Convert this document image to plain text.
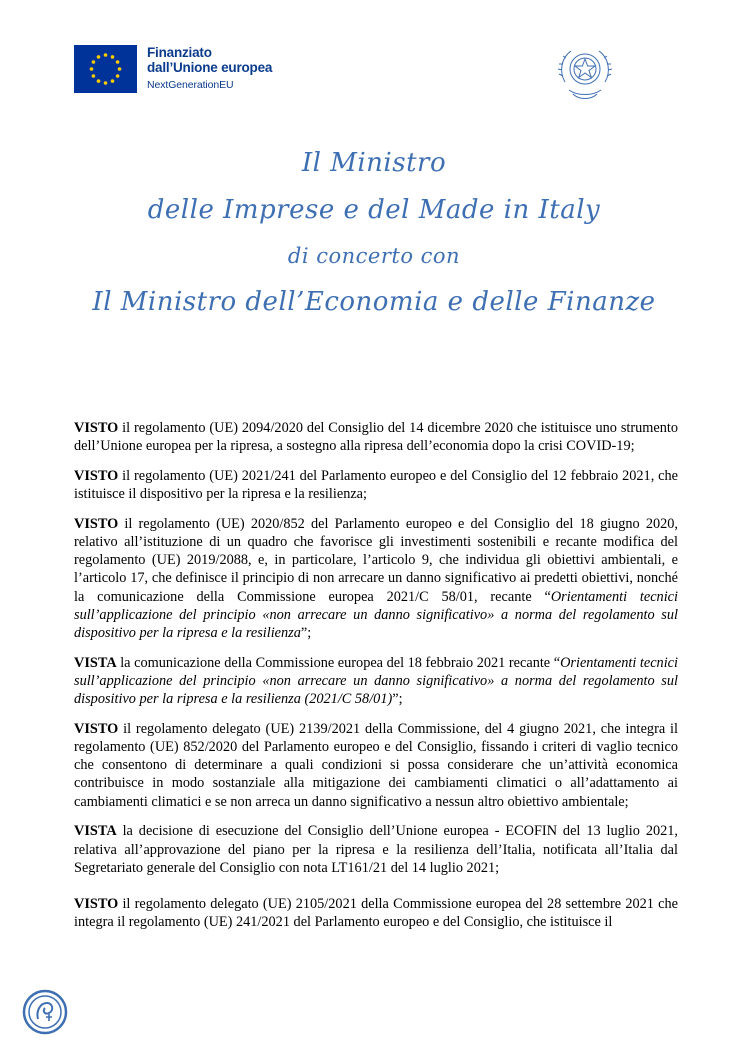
Finanziato
dall’Unione europea
NextGenerationEU
Il Ministro
delle Imprese e del Made in Italy
di concerto con
Il Ministro dell’Economia e delle Finanze

VISTO il regolamento (UE) 2094/2020 del Consiglio del 14 dicembre 2020 che istituisce uno strumento dell’Unione europea per la ripresa, a sostegno alla ripresa dell’economia dopo la crisi COVID-19;

VISTO il regolamento (UE) 2021/241 del Parlamento europeo e del Consiglio del 12 febbraio 2021, che istituisce il dispositivo per la ripresa e la resilienza;

VISTO il regolamento (UE) 2020/852 del Parlamento europeo e del Consiglio del 18 giugno 2020, relativo all’istituzione di un quadro che favorisce gli investimenti sostenibili e recante modifica del regolamento (UE) 2019/2088, e, in particolare, l’articolo 9, che individua gli obiettivi ambientali, e l’articolo 17, che definisce il principio di non arrecare un danno significativo ai predetti obiettivi, nonché la comunicazione della Commissione europea 2021/C 58/01, recante “Orientamenti tecnici sull’applicazione del principio «non arrecare un danno significativo» a norma del regolamento sul dispositivo per la ripresa e la resilienza”;

VISTA la comunicazione della Commissione europea del 18 febbraio 2021 recante “Orientamenti tecnici sull’applicazione del principio «non arrecare un danno significativo» a norma del regolamento sul dispositivo per la ripresa e la resilienza (2021/C 58/01)”;

VISTO il regolamento delegato (UE) 2139/2021 della Commissione, del 4 giugno 2021, che integra il regolamento (UE) 852/2020 del Parlamento europeo e del Consiglio, fissando i criteri di vaglio tecnico che consentono di determinare a quali condizioni si possa considerare che un’attività economica contribuisce in modo sostanziale alla mitigazione dei cambiamenti climatici o all’adattamento ai cambiamenti climatici e se non arreca un danno significativo a nessun altro obiettivo ambientale;

VISTA la decisione di esecuzione del Consiglio dell’Unione europea - ECOFIN del 13 luglio 2021, relativa all’approvazione del piano per la ripresa e la resilienza dell’Italia, notificata all’Italia dal Segretariato generale del Consiglio con nota LT161/21 del 14 luglio 2021;

VISTO il regolamento delegato (UE) 2105/2021 della Commissione europea del 28 settembre 2021 che integra il regolamento (UE) 241/2021 del Parlamento europeo e del Consiglio, che istituisce il
